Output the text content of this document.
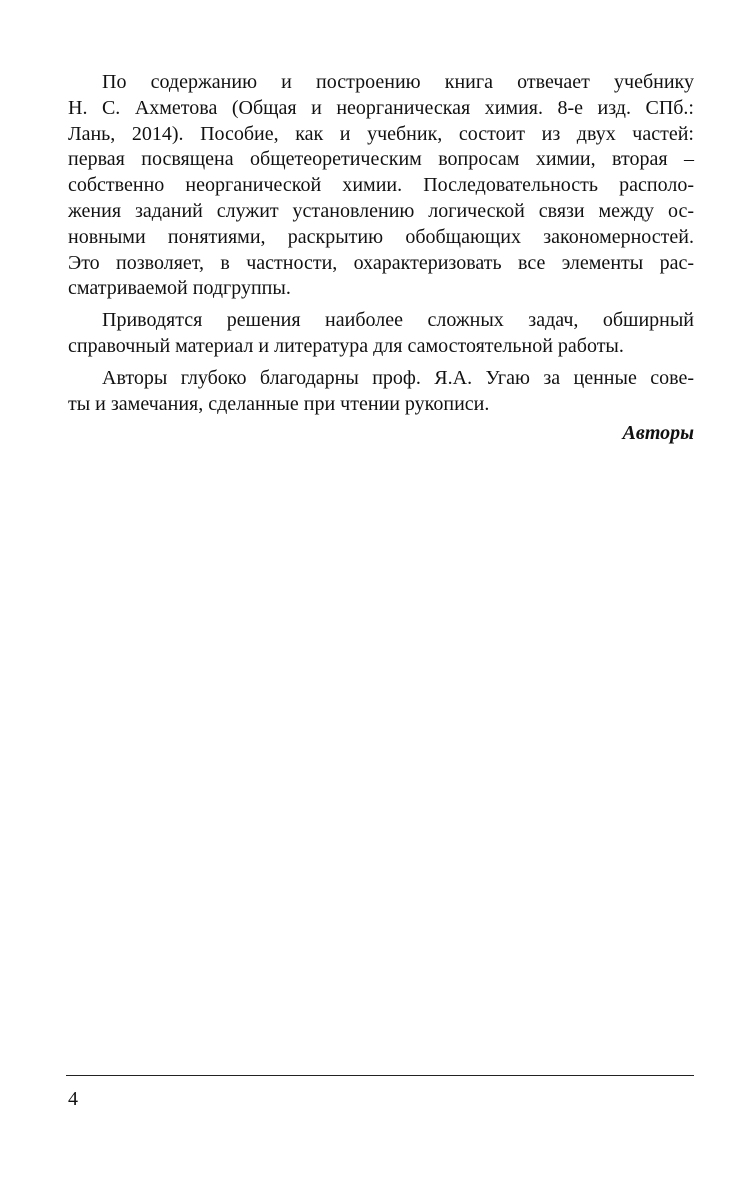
По содержанию и построению книга отвечает учебнику

Н. С. Ахметова (Общая и неорганическая химия. 8-е изд. СПб.:

Лань, 2014). Пособие, как и учебник, состоит из двух частей:

первая посвящена общетеоретическим вопросам химии, вторая –

собственно неорганической химии. Последовательность располо-

жения заданий служит установлению логической связи между ос-

новными понятиями, раскрытию обобщающих закономерностей.

Это позволяет, в частности, охарактеризовать все элементы рас-

сматриваемой подгруппы.

Приводятся решения наиболее сложных задач, обширный

справочный материал и литература для самостоятельной работы.

Авторы глубоко благодарны проф. Я.А. Угаю за ценные сове-

ты и замечания, сделанные при чтении рукописи.

Авторы
4
